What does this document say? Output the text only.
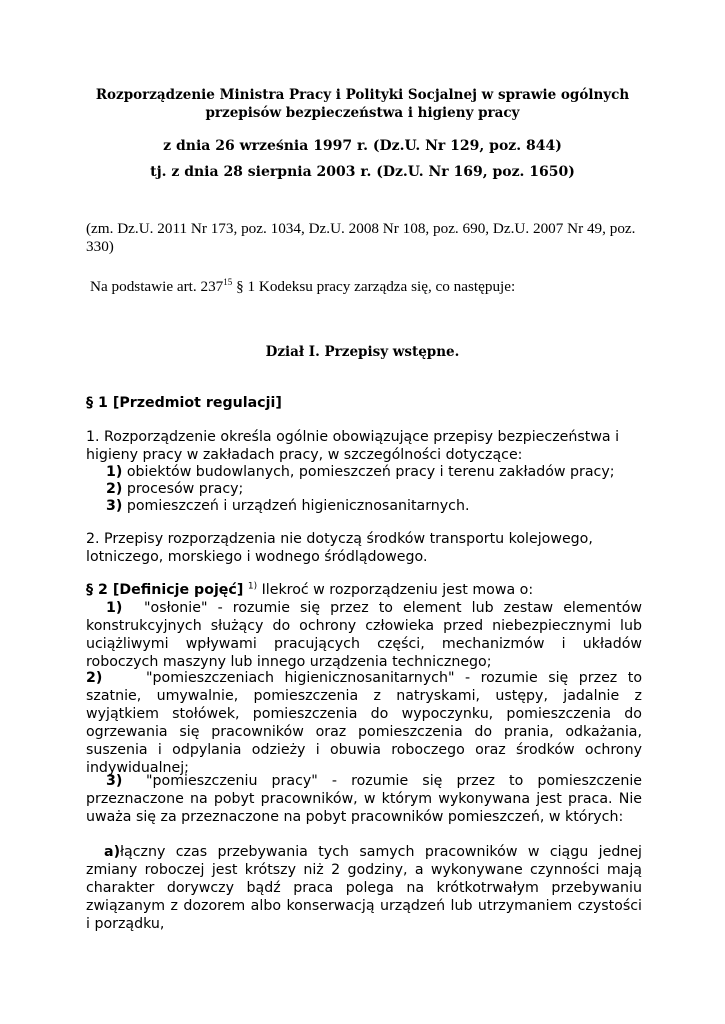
Rozporządzenie Ministra Pracy i Polityki Socjalnej w sprawie ogólnych przepisów bezpieczeństwa i higieny pracy
z dnia 26 września 1997 r. (Dz.U. Nr 129, poz. 844)
tj. z dnia 28 sierpnia 2003 r. (Dz.U. Nr 169, poz. 1650)
(zm. Dz.U. 2011 Nr 173, poz. 1034, Dz.U. 2008 Nr 108, poz. 690, Dz.U. 2007 Nr 49, poz. 330)
Na podstawie art. $237^{15}$ § 1 Kodeksu pracy zarządza się, co następuje:
Dział I. Przepisy wstępne.
§ 1 [Przedmiot regulacji]
1. Rozporządzenie określa ogólnie obowiązujące przepisy bezpieczeństwa i higieny pracy w zakładach pracy, w szczególności dotyczące:
1) obiektów budowlanych, pomieszczeń pracy i terenu zakładów pracy;
2) procesów pracy;
3) pomieszczeń i urządzeń higienicznosanitarnych.
2. Przepisy rozporządzenia nie dotyczą środków transportu kolejowego, lotniczego, morskiego i wodnego śródlądowego.
§ 2 [Definicje pojęć] $^{1)}$ Ilekroć w rozporządzeniu jest mowa o:
1) "osłonie" - rozumie się przez to element lub zestaw elementów konstrukcyjnych służący do ochrony człowieka przed niebezpiecznymi lub uciążliwymi wpływami pracujących części, mechanizmów i układów roboczych maszyny lub innego urządzenia technicznego;
2)	"pomieszczeniach higienicznosanitarnych" - rozumie się przez to szatnie, umywalnie, pomieszczenia z natryskami, ustępy, jadalnie z wyjątkiem stołówek, pomieszczenia do wypoczynku, pomieszczenia do ogrzewania się pracowników oraz pomieszczenia do prania, odkażania, suszenia i odpylania odzieży i obuwia roboczego oraz środków ochrony indywidualnej;
3) "pomieszczeniu pracy" - rozumie się przez to pomieszczenie przeznaczone na pobyt pracowników, w którym wykonywana jest praca. Nie uważa się za przeznaczone na pobyt pracowników pomieszczeń, w których:
a)łączny czas przebywania tych samych pracowników w ciągu jednej zmiany roboczej jest krótszy niż 2 godziny, a wykonywane czynności mają charakter dorywczy bądź praca polega na krótkotrwałym przebywaniu związanym z dozorem albo konserwacją urządzeń lub utrzymaniem czystości i porządku,
